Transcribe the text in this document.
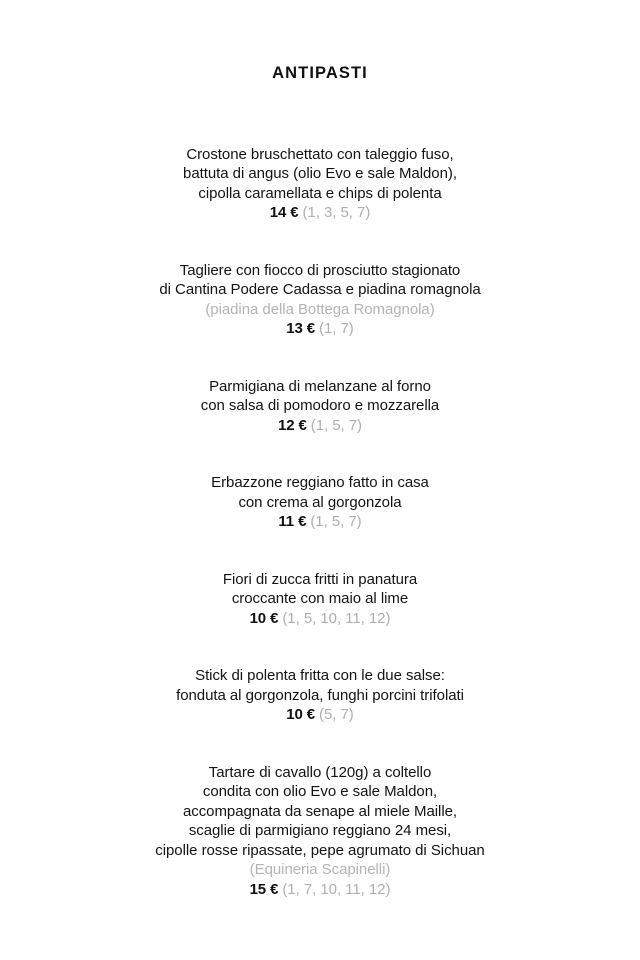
ANTIPASTI
Crostone bruschettato con taleggio fuso,
battuta di angus (olio Evo e sale Maldon),
cipolla caramellata e chips di polenta
14 € (1, 3, 5, 7)
Tagliere con fiocco di prosciutto stagionato
di Cantina Podere Cadassa e piadina romagnola
(piadina della Bottega Romagnola)
13 € (1, 7)
Parmigiana di melanzane al forno
con salsa di pomodoro e mozzarella
12 € (1, 5, 7)
Erbazzone reggiano fatto in casa
con crema al gorgonzola
11 € (1, 5, 7)
Fiori di zucca fritti in panatura
croccante con maio al lime
10 € (1, 5, 10, 11, 12)
Stick di polenta fritta con le due salse:
fonduta al gorgonzola, funghi porcini trifolati
10 € (5, 7)
Tartare di cavallo (120g) a coltello
condita con olio Evo e sale Maldon,
accompagnata da senape al miele Maille,
scaglie di parmigiano reggiano 24 mesi,
cipolle rosse ripassate, pepe agrumato di Sichuan
(Equineria Scapinelli)
15 € (1, 7, 10, 11, 12)
